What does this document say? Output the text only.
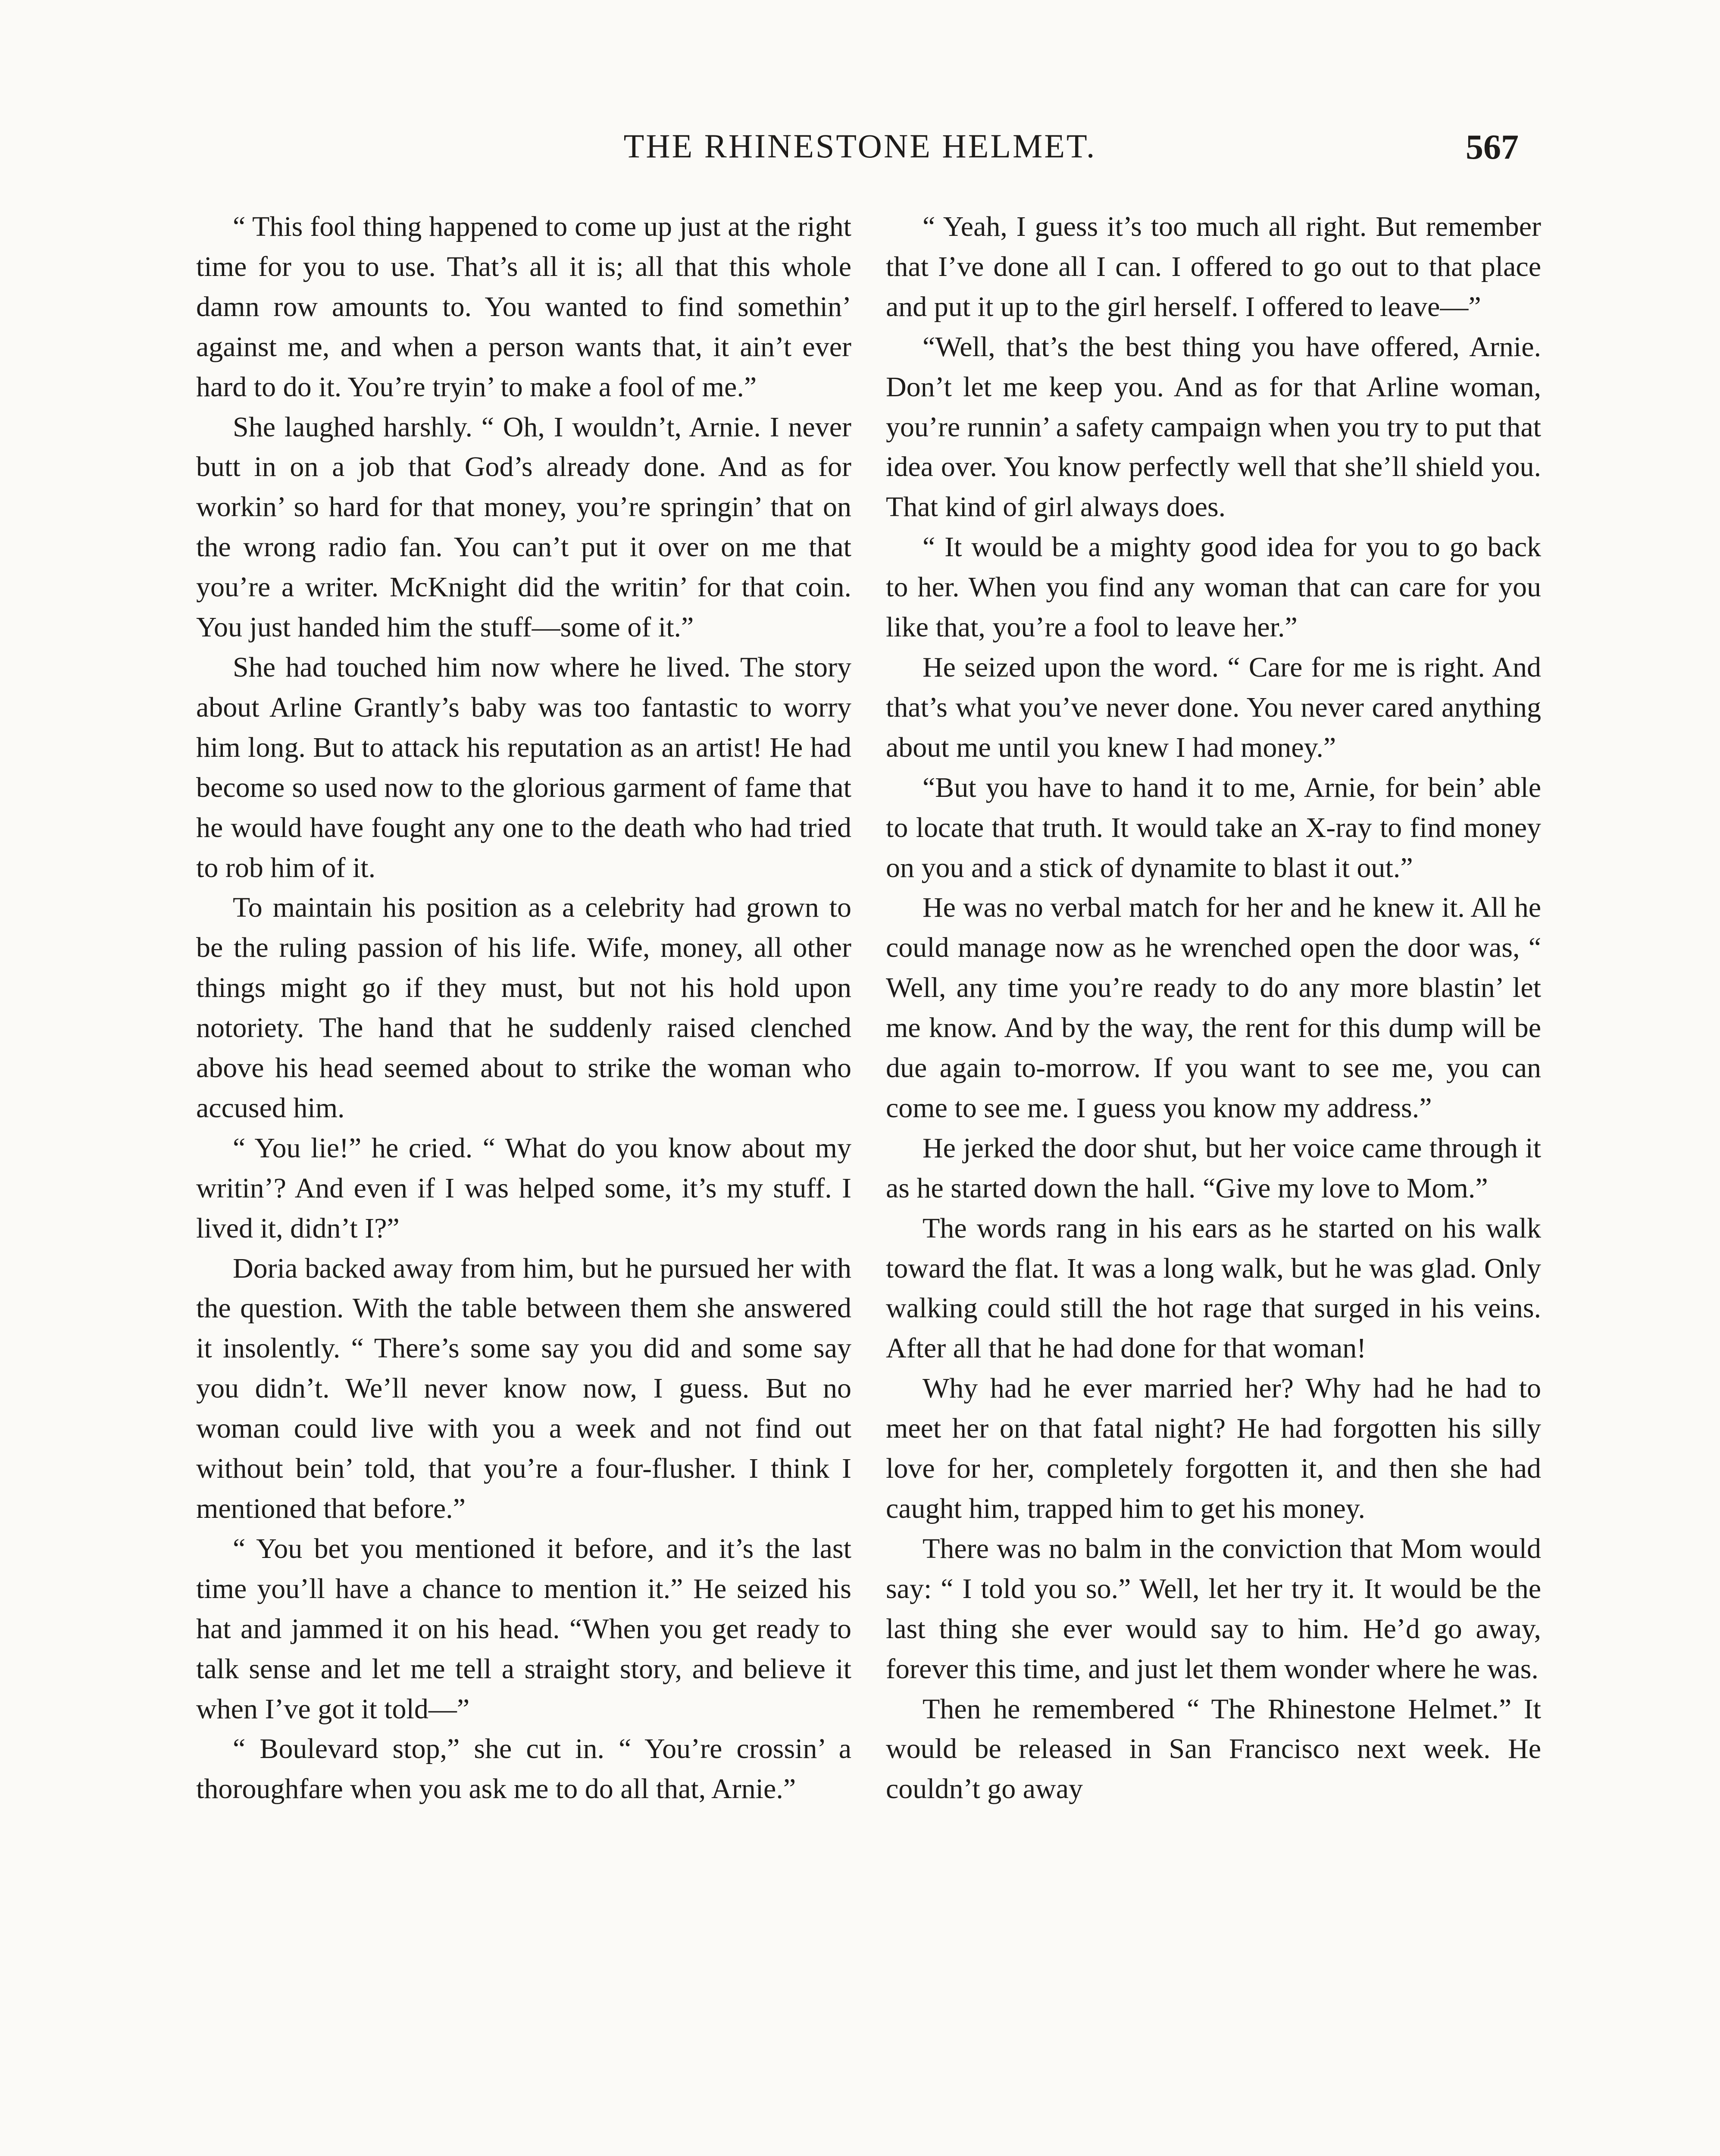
THE RHINESTONE HELMET.	567

“ This fool thing happened to come up just at the right time for you to use. That’s all it is; all that this whole damn row amounts to. You wanted to find somethin’ against me, and when a person wants that, it ain’t ever hard to do it. You’re tryin’ to make a fool of me.”

She laughed harshly. “ Oh, I wouldn’t, Arnie. I never butt in on a job that God’s already done. And as for workin’ so hard for that money, you’re springin’ that on the wrong radio fan. You can’t put it over on me that you’re a writer. McKnight did the writin’ for that coin. You just handed him the stuff—some of it.”

She had touched him now where he lived. The story about Arline Grantly’s baby was too fantastic to worry him long. But to attack his reputation as an artist! He had become so used now to the glorious garment of fame that he would have fought any one to the death who had tried to rob him of it.

To maintain his position as a celebrity had grown to be the ruling passion of his life. Wife, money, all other things might go if they must, but not his hold upon notoriety. The hand that he suddenly raised clenched above his head seemed about to strike the woman who accused him.

“ You lie!” he cried. “ What do you know about my writin’? And even if I was helped some, it’s my stuff. I lived it, didn’t I?”

Doria backed away from him, but he pursued her with the question. With the table between them she answered it insolently. “ There’s some say you did and some say you didn’t. We’ll never know now, I guess. But no woman could live with you a week and not find out without bein’ told, that you’re a four-flusher. I think I mentioned that before.”

“ You bet you mentioned it before, and it’s the last time you’ll have a chance to mention it.” He seized his hat and jammed it on his head. “When you get ready to talk sense and let me tell a straight story, and believe it when I’ve got it told—”

“ Boulevard stop,” she cut in. “ You’re crossin’ a thoroughfare when you ask me to do all that, Arnie.”

“ Yeah, I guess it’s too much all right. But remember that I’ve done all I can. I offered to go out to that place and put it up to the girl herself. I offered to leave—”

“Well, that’s the best thing you have offered, Arnie. Don’t let me keep you. And as for that Arline woman, you’re runnin’ a safety campaign when you try to put that idea over. You know perfectly well that she’ll shield you. That kind of girl always does.

“ It would be a mighty good idea for you to go back to her. When you find any woman that can care for you like that, you’re a fool to leave her.”

He seized upon the word. “ Care for me is right. And that’s what you’ve never done. You never cared anything about me until you knew I had money.”

“But you have to hand it to me, Arnie, for bein’ able to locate that truth. It would take an X-ray to find money on you and a stick of dynamite to blast it out.”

He was no verbal match for her and he knew it. All he could manage now as he wrenched open the door was, “ Well, any time you’re ready to do any more blastin’ let me know. And by the way, the rent for this dump will be due again to-morrow. If you want to see me, you can come to see me. I guess you know my address.”

He jerked the door shut, but her voice came through it as he started down the hall. “Give my love to Mom.”

The words rang in his ears as he started on his walk toward the flat. It was a long walk, but he was glad. Only walking could still the hot rage that surged in his veins. After all that he had done for that woman!

Why had he ever married her? Why had he had to meet her on that fatal night? He had forgotten his silly love for her, completely forgotten it, and then she had caught him, trapped him to get his money.

There was no balm in the conviction that Mom would say: “ I told you so.” Well, let her try it. It would be the last thing she ever would say to him. He’d go away, forever this time, and just let them wonder where he was.

Then he remembered “ The Rhinestone Helmet.” It would be released in San Francisco next week. He couldn’t go away
